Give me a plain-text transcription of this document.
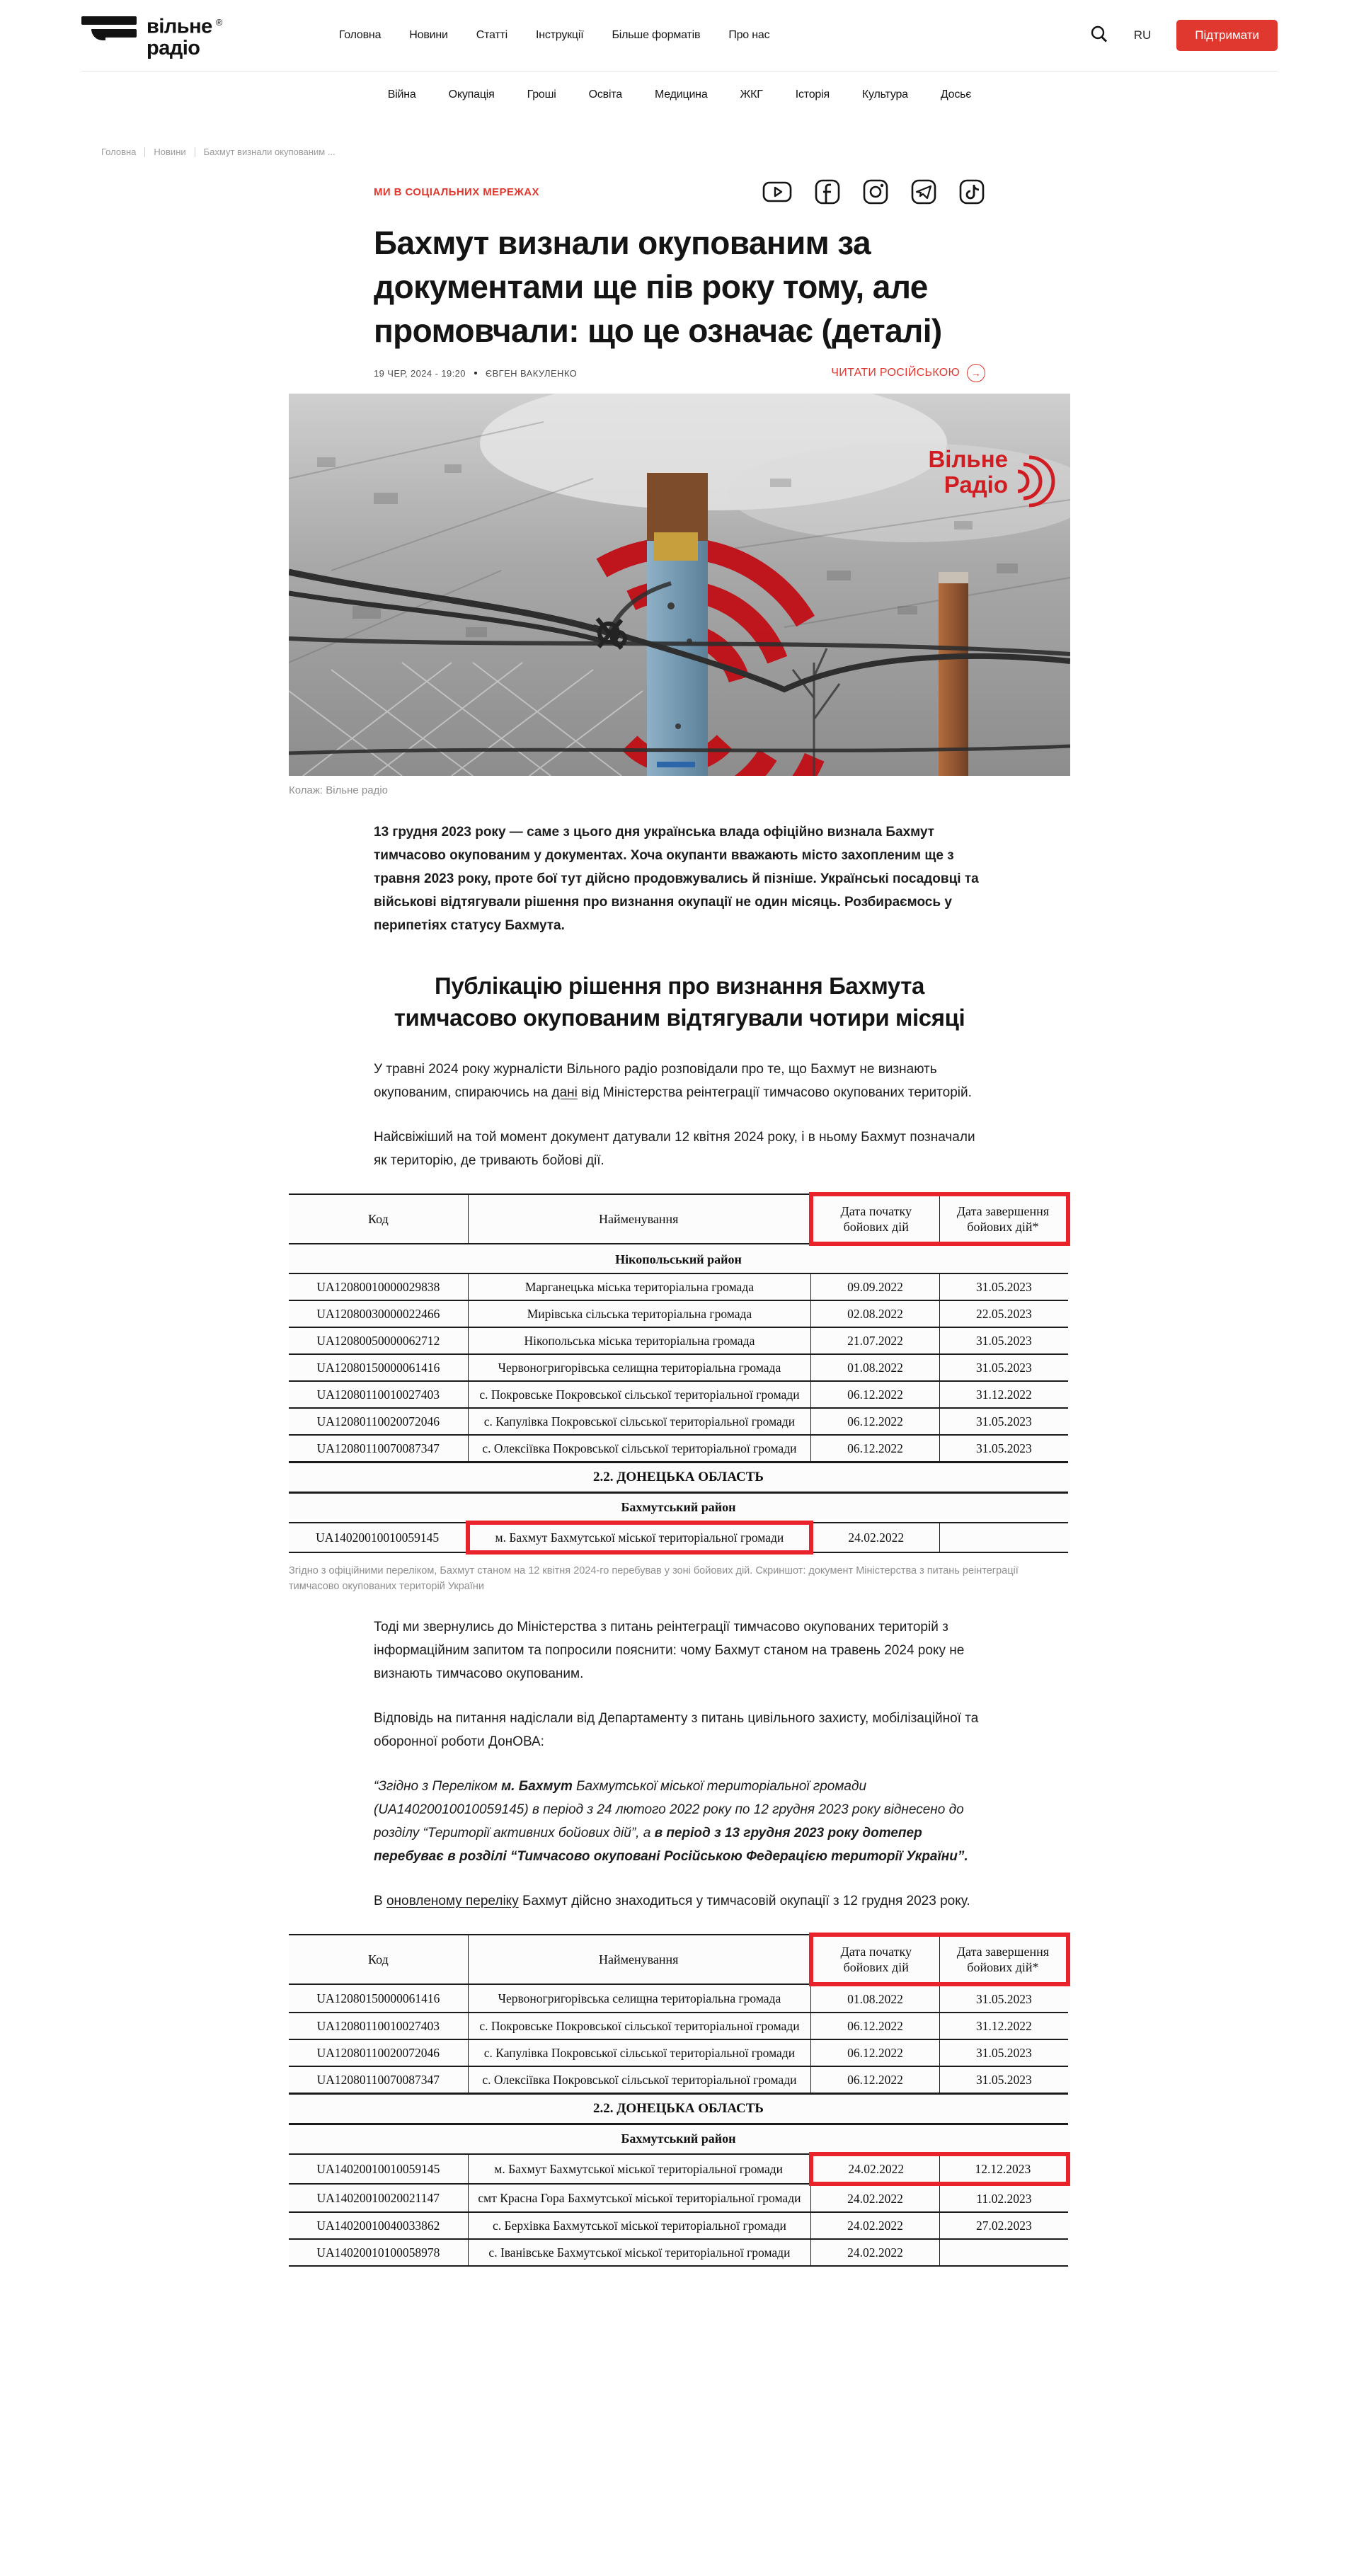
вільне ®
радіо
Головна	Новини	Статті	Інструкції	Більше форматів	Про нас	RU	Підтримати
Війна	Окупація	Гроші	Освіта	Медицина	ЖКГ	Історія	Культура	Досьє
Головна Новини Бахмут визнали окупованим ...
МИ В СОЦІАЛЬНИХ МЕРЕЖАХ
Бахмут визнали окупованим за документами ще пів року тому, але промовчали: що це означає (деталі)
19 ЧЕР, 2024 - 19:20 ЄВГЕН ВАКУЛЕНКО	ЧИТАТИ РОСІЙСЬКОЮ	→
Вільне
Радіо
Колаж: Вільне радіо

13 грудня 2023 року — саме з цього дня українська влада офіційно визнала Бахмут тимчасово окупованим у документах. Хоча окупанти вважають місто захопленим ще з травня 2023 року, проте бої тут дійсно продовжувались й пізніше. Українські посадовці та військові відтягували рішення про визнання окупації не один місяць. Розбираємось у перипетіях статусу Бахмута.

Публікацію рішення про визнання Бахмута тимчасово окупованим відтягували чотири місяці

У травні 2024 року журналісти Вільного радіо розповідали про те, що Бахмут не визнають окупованим, спираючись на дані від Міністерства реінтеграції тимчасово окупованих територій.

Найсвіжіший на той момент документ датували 12 квітня 2024 року, і в ньому Бахмут позначали як територію, де тривають бойові дії.

Код	Найменування	Дата початку бойових дій	Дата завершення бойових дій*
Нікопольський район			
UA12080010000029838	Марганецька міська територіальна громада	09.09.2022	31.05.2023
UA12080030000022466	Мирівська сільська територіальна громада	02.08.2022	22.05.2023
UA12080050000062712	Нікопольська міська територіальна громада	21.07.2022	31.05.2023
UA12080150000061416	Червоногригорівська селищна територіальна громада	01.08.2022	31.05.2023
UA12080110010027403	с. Покровське Покровської сільської територіальної громади	06.12.2022	31.12.2022
UA12080110020072046	с. Капулівка Покровської сільської територіальної громади	06.12.2022	31.05.2023
UA12080110070087347	с. Олексіївка Покровської сільської територіальної громади	06.12.2022	31.05.2023
2.2. ДОНЕЦЬКА ОБЛАСТЬ			
Бахмутський район			
UA14020010010059145	м. Бахмут Бахмутської міської територіальної громади	24.02.2022	
Згідно з офіційними переліком, Бахмут станом на 12 квітня 2024-го перебував у зоні бойових дій. Скриншот: документ Міністерства з питань реінтеграції тимчасово окупованих територій України

Тоді ми звернулись до Міністерства з питань реінтеграції тимчасово окупованих територій з інформаційним запитом та попросили пояснити: чому Бахмут станом на травень 2024 року не визнають тимчасово окупованим.

Відповідь на питання надіслали від Департаменту з питань цивільного захисту, мобілізаційної та оборонної роботи ДонОВА:

“Згідно з Переліком м. Бахмут Бахмутської міської територіальної громади (UA14020010010059145) в період з 24 лютого 2022 року по 12 грудня 2023 року віднесено до розділу “Території активних бойових дій”, а в період з 13 грудня 2023 року дотепер перебуває в розділі “Тимчасово окуповані Російською Федерацією території України”.

В оновленому переліку Бахмут дійсно знаходиться у тимчасовій окупації з 12 грудня 2023 року.

Код	Найменування	Дата початку бойових дій	Дата завершення бойових дій*
UA12080150000061416	Червоногригорівська селищна територіальна громада	01.08.2022	31.05.2023
UA12080110010027403	с. Покровське Покровської сільської територіальної громади	06.12.2022	31.12.2022
UA12080110020072046	с. Капулівка Покровської сільської територіальної громади	06.12.2022	31.05.2023
UA12080110070087347	с. Олексіївка Покровської сільської територіальної громади	06.12.2022	31.05.2023
2.2. ДОНЕЦЬКА ОБЛАСТЬ			
Бахмутський район			
UA14020010010059145	м. Бахмут Бахмутської міської територіальної громади	24.02.2022	12.12.2023
UA14020010020021147	смт Красна Гора Бахмутської міської територіальної громади	24.02.2022	11.02.2023
UA14020010040033862	с. Берхівка Бахмутської міської територіальної громади	24.02.2022	27.02.2023
UA14020010100058978	с. Іванівське Бахмутської міської територіальної громади	24.02.2022	
